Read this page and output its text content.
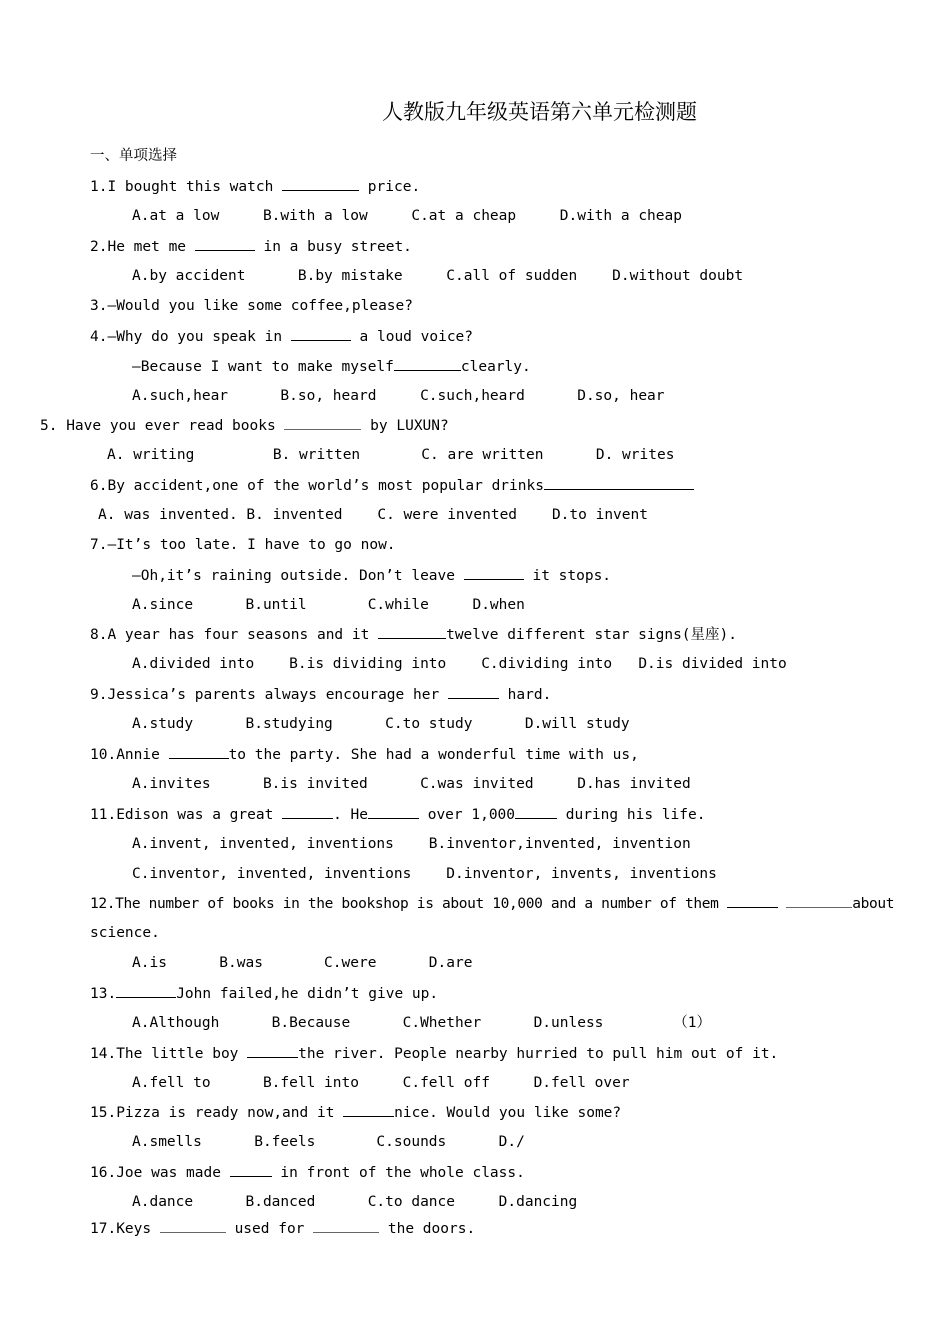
人教版九年级英语第六单元检测题
一、单项选择
1.I bought this watch	price.
A.at a low     B.with a low     C.at a cheap     D.with a cheap
2.He met me	in a busy street.
A.by accident      B.by mistake     C.all of sudden    D.without doubt
3.—Would you like some coffee,please?
4.—Why do you speak in	a loud voice?
—Because I want to make myself	clearly.
A.such,hear      B.so, heard     C.such,heard      D.so, hear
5. Have you ever read books	by LUXUN?
A. writing         B. written       C. are written      D. writes
6.By accident,one of the world’s most popular drinks
A. was invented. B. invented    C. were invented    D.to invent
7.—It’s too late. I have to go now.
—Oh,it’s raining outside. Don’t leave	it stops.
A.since      B.until       C.while     D.when
8.A year has four seasons and it	twelve different star signs(星座).
A.divided into    B.is dividing into    C.dividing into   D.is divided into
9.Jessica’s parents always encourage her	hard.
A.study      B.studying      C.to study      D.will study
10.Annie	to the party. She had a wonderful time with us,
A.invites      B.is invited      C.was invited     D.has invited
11.Edison was a great	. He	over 1,000	during his life.
A.invent, invented, inventions    B.inventor,invented, invention
C.inventor, invented, inventions    D.inventor, invents, inventions
12.The number of books in the bookshop is about 10,000 and a number of them	about
science.
A.is      B.was       C.were      D.are
13.	John failed,he didn’t give up.
A.Although      B.Because      C.Whether      D.unless        （1）
14.The little boy	the river. People nearby hurried to pull him out of it.
A.fell to      B.fell into     C.fell off     D.fell over
15.Pizza is ready now,and it	nice. Would you like some?
A.smells      B.feels       C.sounds      D./
16.Joe was made	in front of the whole class.
A.dance      B.danced      C.to dance     D.dancing
17.Keys	used for	the doors.
